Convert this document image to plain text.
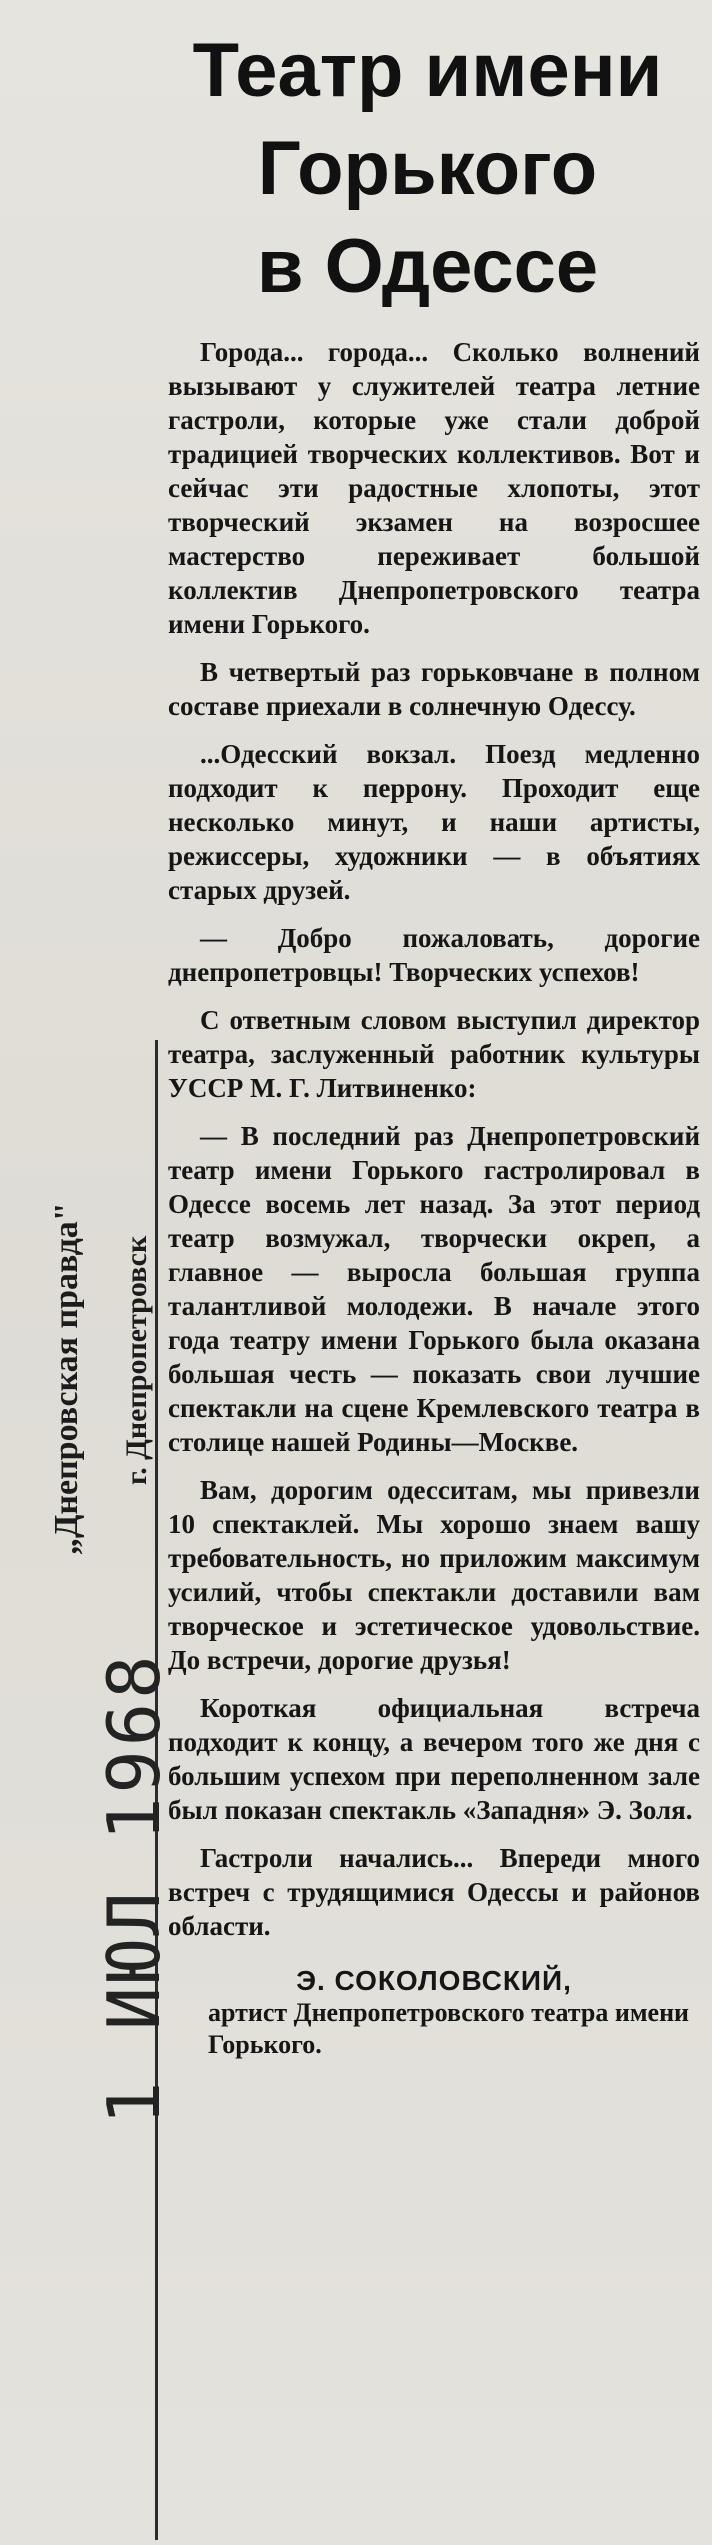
Театр имени
Горького
в Одессе

Города... города... Сколько волнений вызывают у служителей театра летние гастроли, которые уже стали доброй традицией творческих коллективов. Вот и сейчас эти радостные хлопоты, этот творческий экзамен на возросшее мастерство переживает большой коллектив Днепропетровского театра имени Горького.

В четвертый раз горьковчане в полном составе приехали в солнечную Одессу.

...Одесский вокзал. Поезд медленно подходит к перрону. Проходит еще несколько минут, и наши артисты, режиссеры, художники — в объятиях старых друзей.

— Добро пожаловать, дорогие днепропетровцы! Творческих успехов!

С ответным словом выступил директор театра, заслуженный работник культуры УССР М. Г. Литвиненко:

— В последний раз Днепропетровский театр имени Горького гастролировал в Одессе восемь лет назад. За этот период театр возмужал, творчески окреп, а главное — выросла большая группа талантливой молодежи. В начале этого года театру имени Горького была оказана большая честь — показать свои лучшие спектакли на сцене Кремлевского театра в столице нашей Родины—Москве.

Вам, дорогим одесситам, мы привезли 10 спектаклей. Мы хорошо знаем вашу требовательность, но приложим максимум усилий, чтобы спектакли доставили вам творческое и эстетическое удовольствие. До встречи, дорогие друзья!

Короткая официальная встреча подходит к концу, а вечером того же дня с большим успехом при переполненном зале был показан спектакль «Западня» Э. Золя.

Гастроли начались... Впереди много встреч с трудящимися Одессы и районов области.

Э. СОКОЛОВСКИЙ,
артист Днепропетровского театра имени Горького.
„Днепровская правда" г. Днепропетровск
1 ИЮЛ 1968
